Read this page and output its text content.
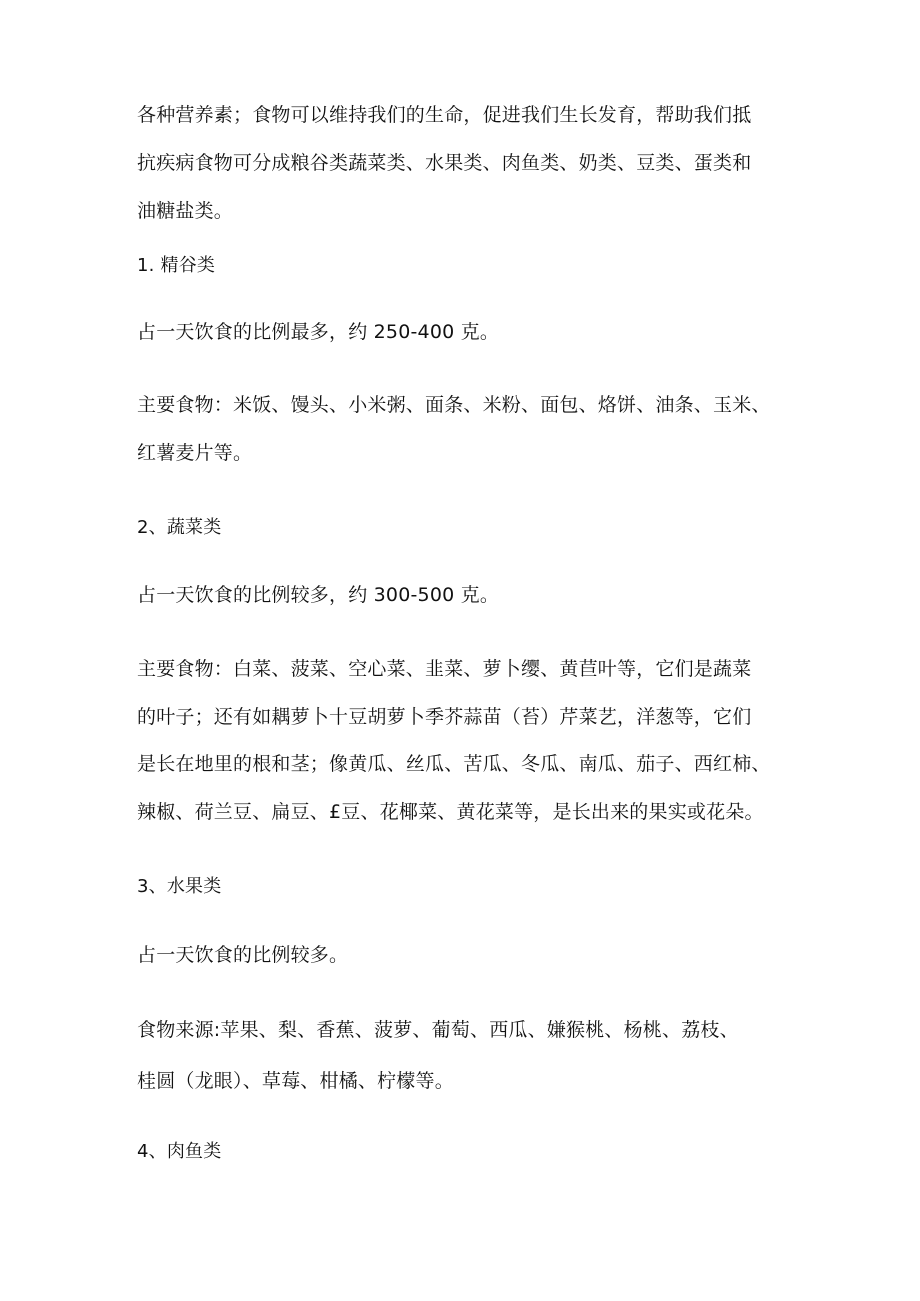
各种营养素；食物可以维持我们的生命，促进我们生长发育，帮助我们抵
抗疾病食物可分成粮谷类蔬菜类、水果类、肉鱼类、奶类、豆类、蛋类和
油糖盐类。
1. 精谷类
占一天饮食的比例最多，约 250-400 克。
主要食物：米饭、馒头、小米粥、面条、米粉、面包、烙饼、油条、玉米、
红薯麦片等。
2、蔬菜类
占一天饮食的比例较多，约 300-500 克。
主要食物：白菜、菠菜、空心菜、韭菜、萝卜缨、黄苣叶等，它们是蔬菜
的叶子；还有如耦萝卜十豆胡萝卜季芥蒜苗（苔）芹菜艺，洋葱等，它们
是长在地里的根和茎；像黄瓜、丝瓜、苦瓜、冬瓜、南瓜、茄子、西红柿、
辣椒、荷兰豆、扁豆、£豆、花椰菜、黄花菜等，是长出来的果实或花朵。
3、水果类
占一天饮食的比例较多。
食物来源:苹果、梨、香蕉、菠萝、葡萄、西瓜、嫌猴桃、杨桃、荔枝、
桂圆（龙眼）、草莓、柑橘、柠檬等。
4、肉鱼类
